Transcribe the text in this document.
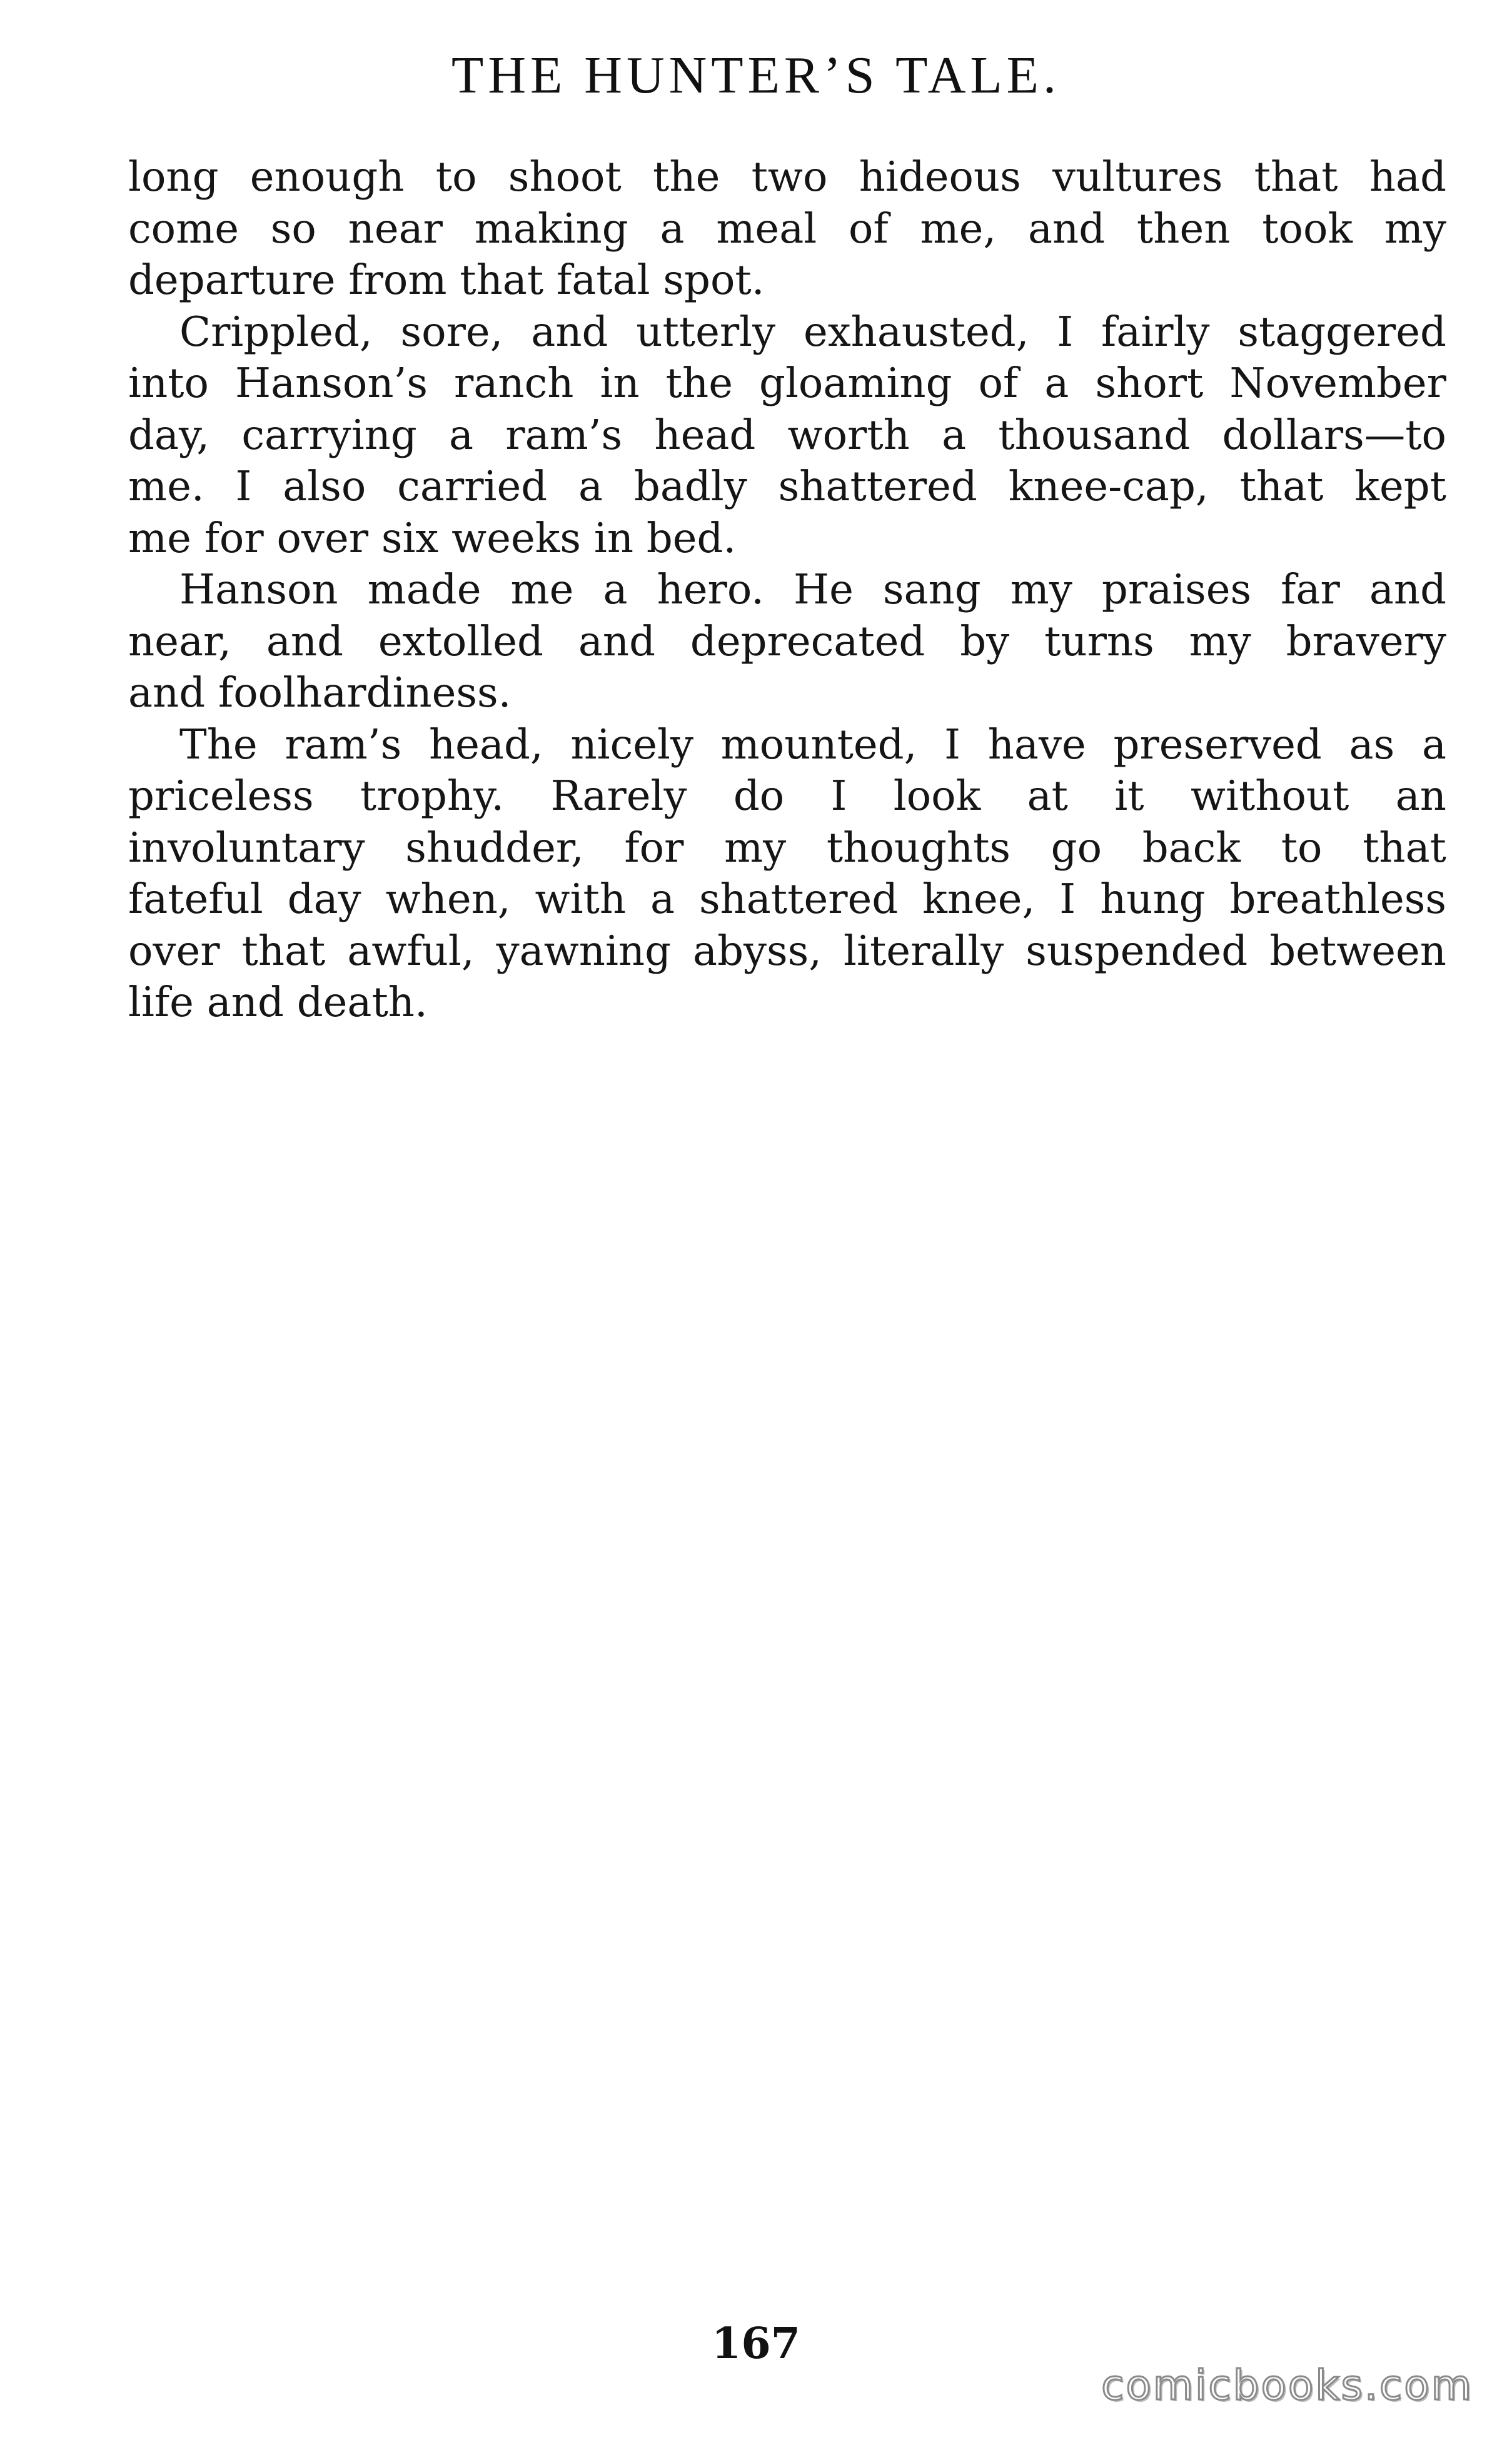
THE HUNTER’S TALE.
long enough to shoot the two hideous vultures that had
come so near making a meal of me, and then took my
departure from that fatal spot.
Crippled, sore, and utterly exhausted, I fairly staggered
into Hanson’s ranch in the gloaming of a short November
day, carrying a ram’s head worth a thousand dollars—to
me. I also carried a badly shattered knee-cap, that kept
me for over six weeks in bed.
Hanson made me a hero. He sang my praises far and
near, and extolled and deprecated by turns my bravery
and foolhardiness.
The ram’s head, nicely mounted, I have preserved as a
priceless trophy. Rarely do I look at it without an
involuntary shudder, for my thoughts go back to that
fateful day when, with a shattered knee, I hung breathless
over that awful, yawning abyss, literally suspended between
life and death.
167
comicbooks.com
